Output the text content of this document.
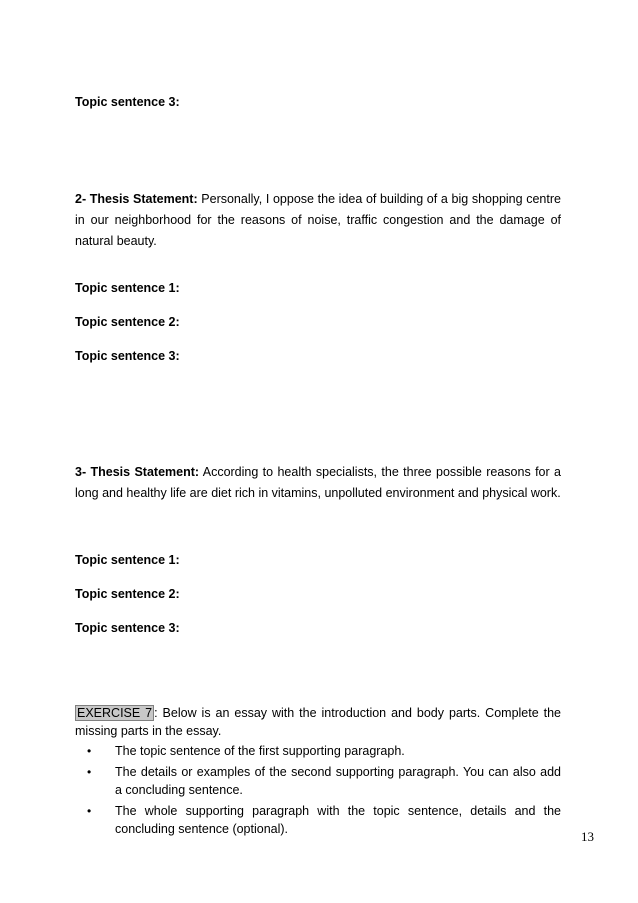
Topic sentence 3:
2- Thesis Statement: Personally, I oppose the idea of building of a big shopping centre in our neighborhood for the reasons of noise, traffic congestion and the damage of natural beauty.
Topic sentence 1:
Topic sentence 2:
Topic sentence 3:
3- Thesis Statement: According to health specialists, the three possible reasons for a long and healthy life are diet rich in vitamins, unpolluted environment and physical work.
Topic sentence 1:
Topic sentence 2:
Topic sentence 3:
EXERCISE 7 : Below is an essay with the introduction and body parts. Complete the missing parts in the essay.
• The topic sentence of the first supporting paragraph.
• The details or examples of the second supporting paragraph. You can also add a concluding sentence.
• The whole supporting paragraph with the topic sentence, details and the concluding sentence (optional).	13
